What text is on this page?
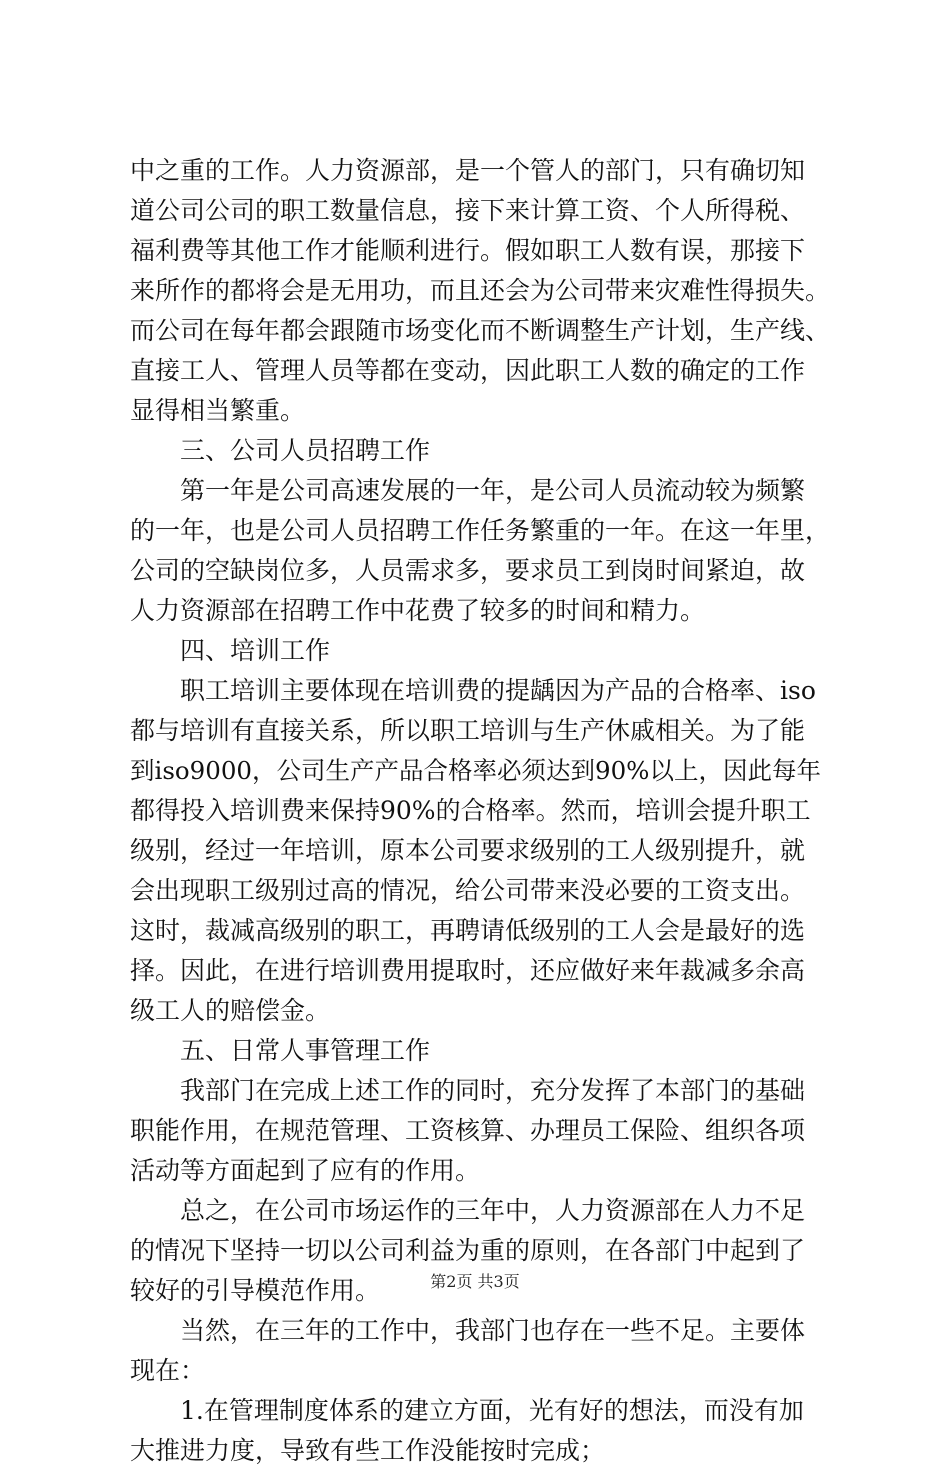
中之重的工作。人力资源部，是一个管人的部门，只有确切知
道公司公司的职工数量信息，接下来计算工资、个人所得税、
福利费等其他工作才能顺利进行。假如职工人数有误，那接下
来所作的都将会是无用功，而且还会为公司带来灾难性得损失。
而公司在每年都会跟随市场变化而不断调整生产计划，生产线、
直接工人、管理人员等都在变动，因此职工人数的确定的工作
显得相当繁重。
三、公司人员招聘工作
第一年是公司高速发展的一年，是公司人员流动较为频繁
的一年，也是公司人员招聘工作任务繁重的一年。在这一年里，
公司的空缺岗位多，人员需求多，要求员工到岗时间紧迫，故
人力资源部在招聘工作中花费了较多的时间和精力。
四、培训工作
职工培训主要体现在培训费的提龋因为产品的合格率、iso
都与培训有直接关系，所以职工培训与生产休戚相关。为了能
到iso9000，公司生产产品合格率必须达到90%以上，因此每年
都得投入培训费来保持90%的合格率。然而，培训会提升职工
级别，经过一年培训，原本公司要求级别的工人级别提升，就
会出现职工级别过高的情况，给公司带来没必要的工资支出。
这时，裁减高级别的职工，再聘请低级别的工人会是最好的选
择。因此，在进行培训费用提取时，还应做好来年裁减多余高
级工人的赔偿金。
五、日常人事管理工作
我部门在完成上述工作的同时，充分发挥了本部门的基础
职能作用，在规范管理、工资核算、办理员工保险、组织各项
活动等方面起到了应有的作用。
总之，在公司市场运作的三年中，人力资源部在人力不足
的情况下坚持一切以公司利益为重的原则，在各部门中起到了
较好的引导模范作用。
当然，在三年的工作中，我部门也存在一些不足。主要体
现在：
1.在管理制度体系的建立方面，光有好的想法，而没有加
大推进力度，导致有些工作没能按时完成；
第2页 共3页
